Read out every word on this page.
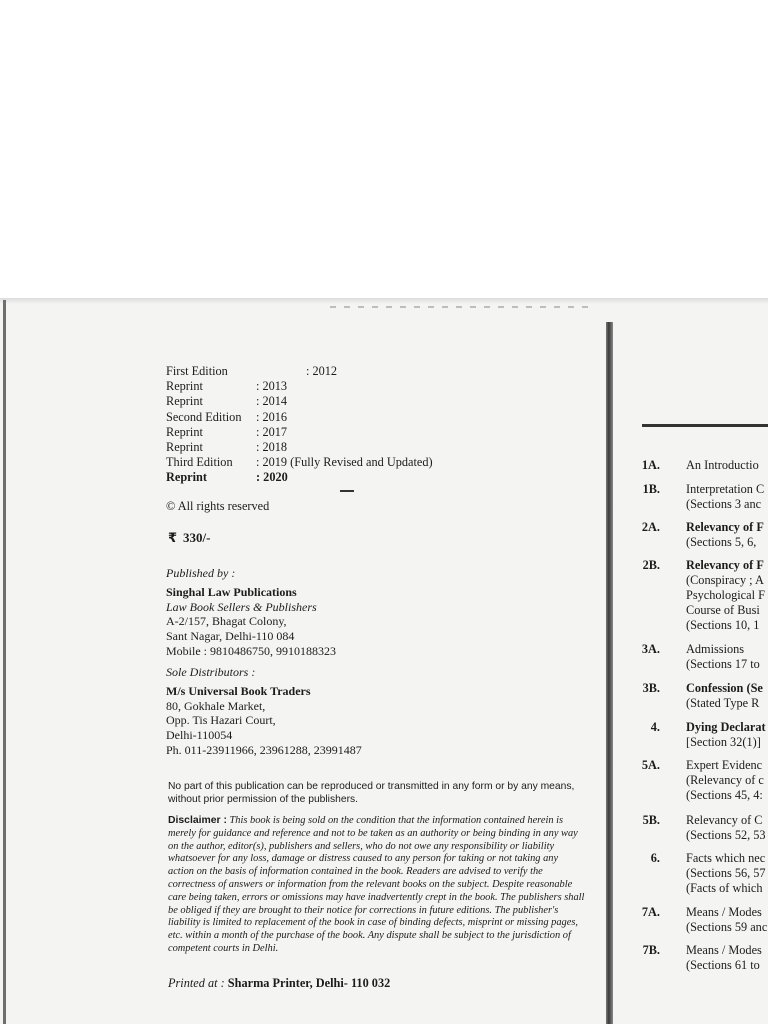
First Edition	: 2012
Reprint	: 2013
Reprint	: 2014
Second Edition	: 2016
Reprint	: 2017
Reprint	: 2018
Third Edition	: 2019 (Fully Revised and Updated)
Reprint	: 2020
© All rights reserved
₹ 330/-
Published by :
Singhal Law Publications
Law Book Sellers & Publishers
A-2/157, Bhagat Colony,
Sant Nagar, Delhi-110 084
Mobile : 9810486750, 9910188323
Sole Distributors :
M/s Universal Book Traders
80, Gokhale Market,
Opp. Tis Hazari Court,
Delhi-110054
Ph. 011-23911966, 23961288, 23991487
No part of this publication can be reproduced or transmitted in any form or by any means, without prior permission of the publishers.
Disclaimer : This book is being sold on the condition that the information contained herein is merely for guidance and reference and not to be taken as an authority or being binding in any way on the author, editor(s), publishers and sellers, who do not owe any responsibility or liability whatsoever for any loss, damage or distress caused to any person for taking or not taking any action on the basis of information contained in the book. Readers are advised to verify the correctness of answers or information from the relevant books on the subject. Despite reasonable care being taken, errors or omissions may have inadvertently crept in the book. The publishers shall be obliged if they are brought to their notice for corrections in future editions. The publisher's liability is limited to replacement of the book in case of binding defects, misprint or missing pages, etc. within a month of the purchase of the book. Any dispute shall be subject to the jurisdiction of competent courts in Delhi.
Printed at : Sharma Printer, Delhi- 110 032
1A. An Introductio
1B. Interpretation C
(Sections 3 anc
2A. Relevancy of F
(Sections 5, 6,
2B. Relevancy of F
(Conspiracy ; A
Psychological F
Course of Busi
(Sections 10, 1
3A. Admissions
(Sections 17 to
3B. Confession (Se
(Stated Type R
4. Dying Declarat
[Section 32(1)]
5A. Expert Evidenc
(Relevancy of c
(Sections 45, 4:
5B. Relevancy of C
(Sections 52, 53
6. Facts which nec
(Sections 56, 57
(Facts of which
7A. Means / Modes
(Sections 59 anc
7B. Means / Modes
(Sections 61 to
